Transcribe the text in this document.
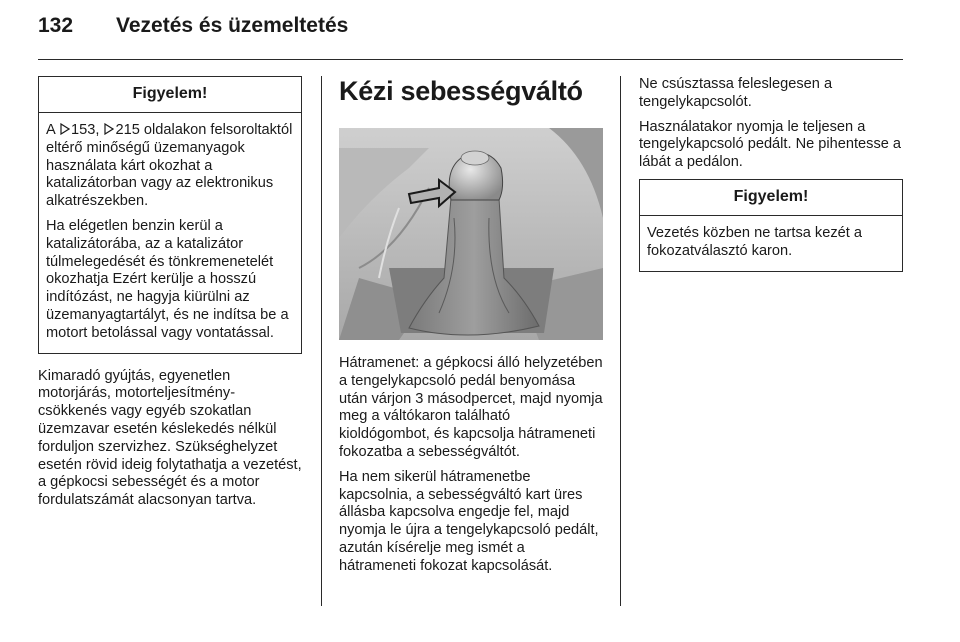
132 Vezetés és üzemeltetés
Figyelem!

A 153, 215 oldalakon felsoroltaktól eltérő minőségű üzemanyagok használata kárt okozhat a katalizátorban vagy az elektronikus alkatrészekben.

Ha elégetlen benzin kerül a katalizátorába, az a katalizátor túlmelegedését és tönkremenetelét okozhatja Ezért kerülje a hosszú indítózást, ne hagyja kiürülni az üzemanyagtartályt, és ne indítsa be a motort betolással vagy vontatással.

Kimaradó gyújtás, egyenetlen motorjárás, motorteljesítmény-csökkenés vagy egyéb szokatlan üzemzavar esetén késlekedés nélkül forduljon szervizhez. Szükséghelyzet esetén rövid ideig folytathatja a vezetést, a gépkocsi sebességét és a motor fordulatszámát alacsonyan tartva.

Kézi sebességváltó

Hátramenet: a gépkocsi álló helyzetében a tengelykapcsoló pedál benyomása után várjon 3 másodpercet, majd nyomja meg a váltókaron található kioldógombot, és kapcsolja hátrameneti fokozatba a sebességváltót.

Ha nem sikerül hátramenetbe kapcsolnia, a sebességváltó kart üres állásba kapcsolva engedje fel, majd nyomja le újra a tengelykapcsoló pedált, azután kísérelje meg ismét a hátrameneti fokozat kapcsolását.

Ne csúsztassa feleslegesen a tengelykapcsolót.

Használatakor nyomja le teljesen a tengelykapcsoló pedált. Ne pihentesse a lábát a pedálon.

Figyelem!

Vezetés közben ne tartsa kezét a fokozatválasztó karon.
